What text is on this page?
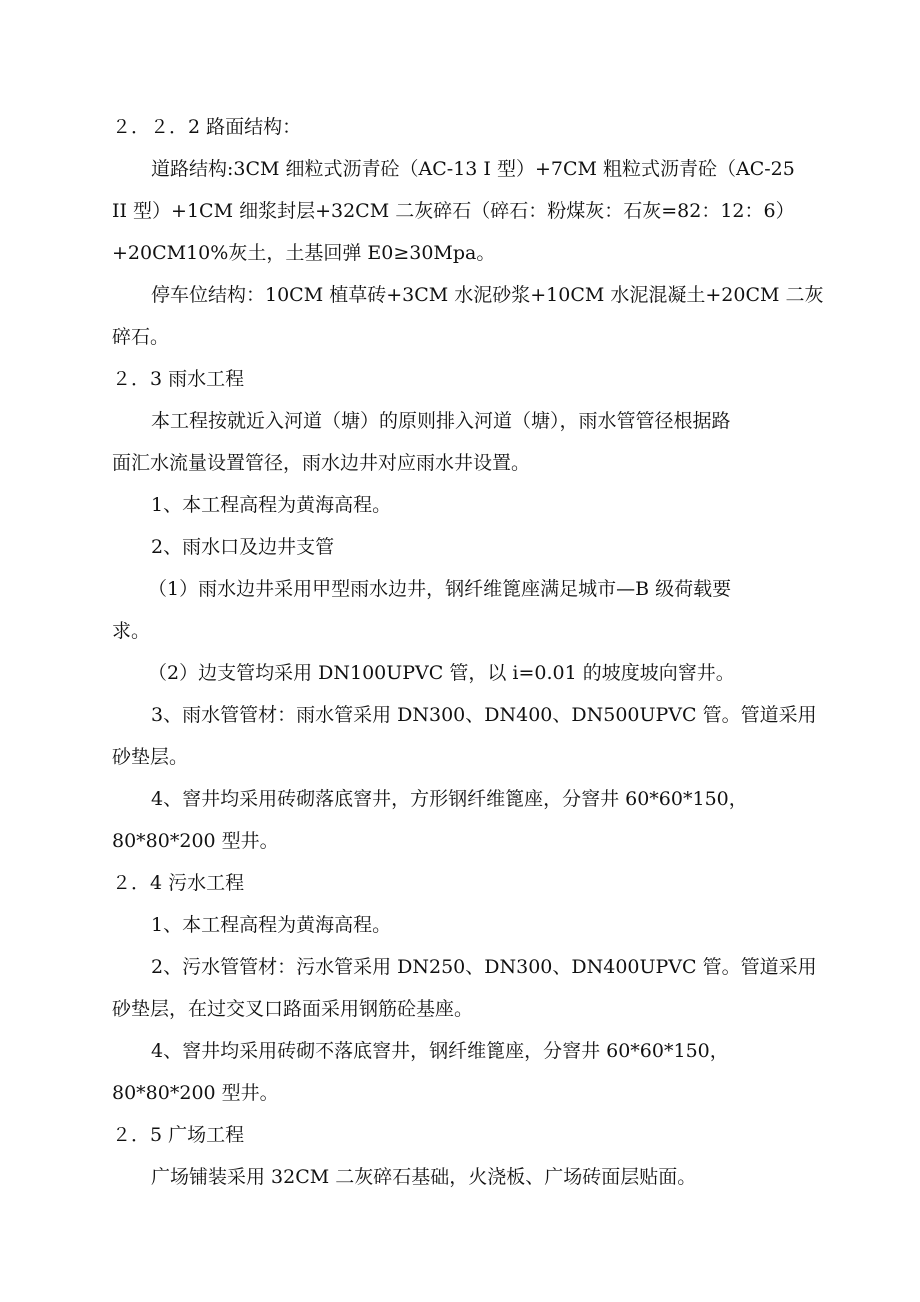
２．２．2 路面结构：

道路结构:3CM 细粒式沥青砼（AC-13 Ⅰ 型）+7CM 粗粒式沥青砼（AC-25

II 型）+1CM 细浆封层+32CM 二灰碎石（碎石：粉煤灰：石灰=82：12：6）

+20CM10%灰土，土基回弹 E0≥30Mpa。

停车位结构：10CM 植草砖+3CM 水泥砂浆+10CM 水泥混凝土+20CM 二灰

碎石。

２．3 雨水工程

本工程按就近入河道（塘）的原则排入河道（塘），雨水管管径根据路

面汇水流量设置管径，雨水边井对应雨水井设置。

1、本工程高程为黄海高程。

2、雨水口及边井支管

（1）雨水边井采用甲型雨水边井，钢纤维篦座满足城市—B 级荷载要

求。

（2）边支管均采用 DN100UPVC 管，以 i=0.01 的坡度坡向窨井。

3、雨水管管材：雨水管采用 DN300、DN400、DN500UPVC 管。管道采用

砂垫层。

4、窨井均采用砖砌落底窨井，方形钢纤维篦座，分窨井 60*60*150，

80*80*200 型井。

２．4 污水工程

1、本工程高程为黄海高程。

2、污水管管材：污水管采用 DN250、DN300、DN400UPVC 管。管道采用

砂垫层，在过交叉口路面采用钢筋砼基座。

4、窨井均采用砖砌不落底窨井，钢纤维篦座，分窨井 60*60*150，

80*80*200 型井。

２．5 广场工程

广场铺装采用 32CM 二灰碎石基础，火浇板、广场砖面层贴面。
